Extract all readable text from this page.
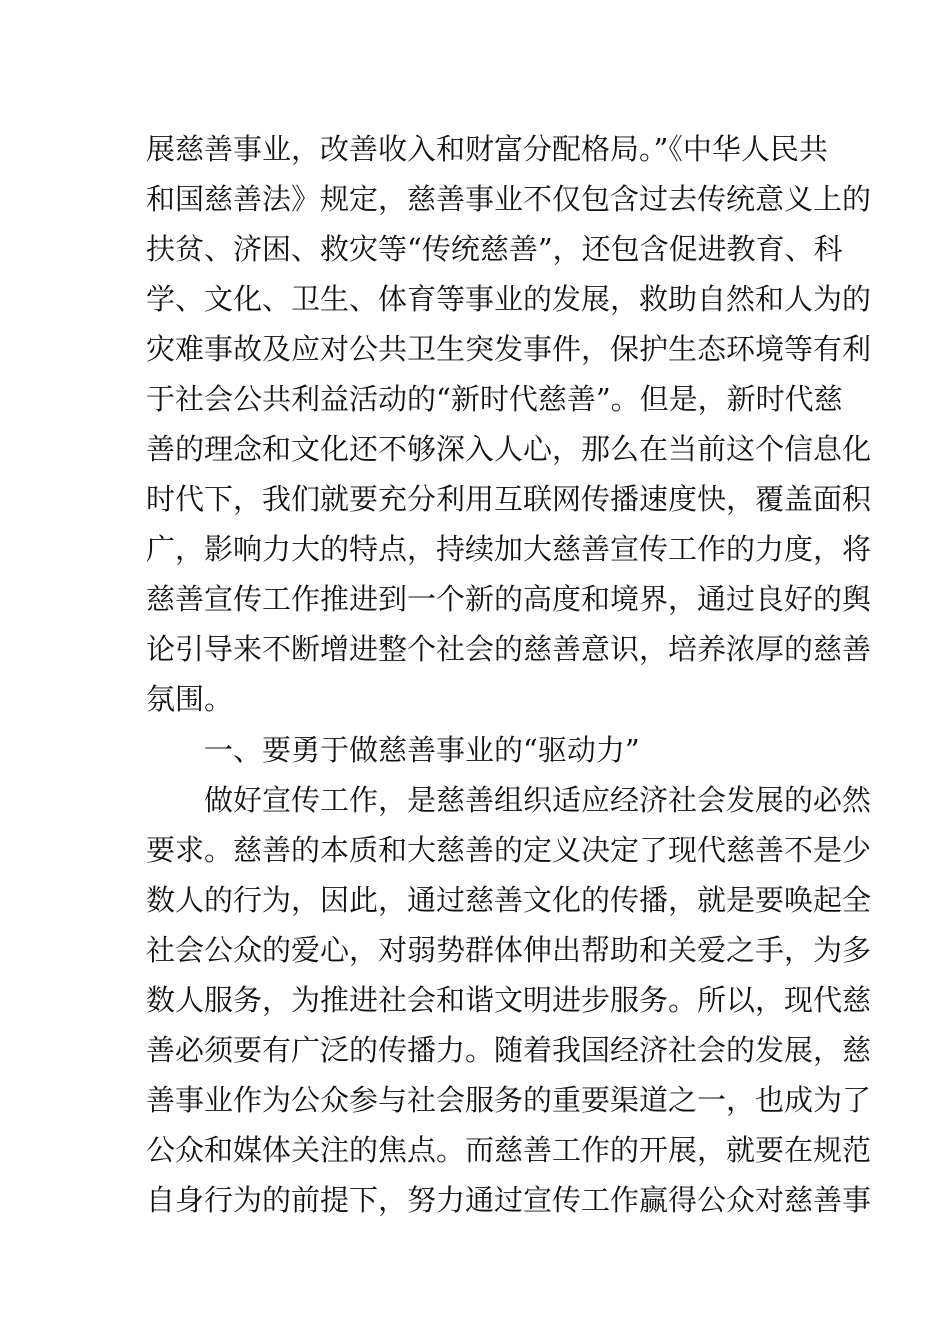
展慈善事业，改善收入和财富分配格局。”《中华人民共
和国慈善法》规定，慈善事业不仅包含过去传统意义上的
扶贫、济困、救灾等“传统慈善”，还包含促进教育、科
学、文化、卫生、体育等事业的发展，救助自然和人为的
灾难事故及应对公共卫生突发事件，保护生态环境等有利
于社会公共利益活动的“新时代慈善”。但是，新时代慈
善的理念和文化还不够深入人心，那么在当前这个信息化
时代下，我们就要充分利用互联网传播速度快，覆盖面积
广，影响力大的特点，持续加大慈善宣传工作的力度，将
慈善宣传工作推进到一个新的高度和境界，通过良好的舆
论引导来不断增进整个社会的慈善意识，培养浓厚的慈善
氛围。
一、要勇于做慈善事业的“驱动力”
做好宣传工作，是慈善组织适应经济社会发展的必然
要求。慈善的本质和大慈善的定义决定了现代慈善不是少
数人的行为，因此，通过慈善文化的传播，就是要唤起全
社会公众的爱心，对弱势群体伸出帮助和关爱之手，为多
数人服务，为推进社会和谐文明进步服务。所以，现代慈
善必须要有广泛的传播力。随着我国经济社会的发展，慈
善事业作为公众参与社会服务的重要渠道之一，也成为了
公众和媒体关注的焦点。而慈善工作的开展，就要在规范
自身行为的前提下，努力通过宣传工作赢得公众对慈善事
